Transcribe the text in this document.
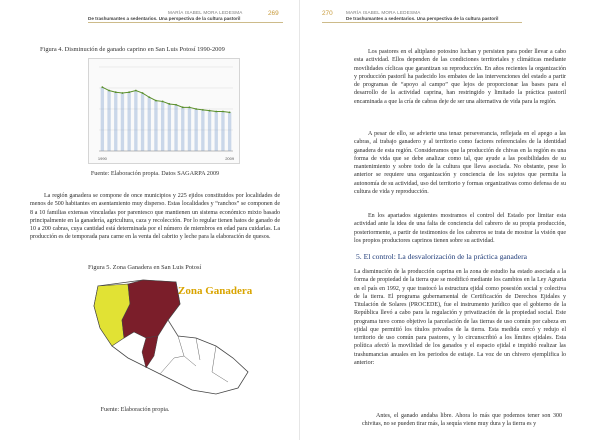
MARÍA ISABEL MORA LEDESMA
De trashumantes a sedentarios. Una perspectiva de la cultura pastoril
269
Figura 4. Disminución de ganado caprino en San Luis Potosí 1990-2009
1990	2009
Fuente: Elaboración propia. Datos SAGARPA 2009

La región ganadera se compone de once municipios y 225 ejidos constituidos por localidades de menos de 500 habitantes en asentamiento muy disperso. Estas localidades y “ranchos” se componen de 8 a 10 familias extensas vinculadas por parentesco que mantienen un sistema económico mixto basado principalmente en la ganadería, agricultura, caza y recolección. Por lo regular tienen hatos de ganado de 10 a 200 cabras, cuya cantidad está determinada por el número de miembros en edad para cuidarlas. La producción es de temporada para carne en la venta del cabrito y leche para la elaboración de quesos.

Figura 5. Zona Ganadera en San Luis Potosí
Zona Ganadera
Fuente: Elaboración propia.
270	MARÍA ISABEL MORA LEDESMA
De trashumantes a sedentarios. Una perspectiva de la cultura pastoril

Los pastores en el altiplano potosino luchan y persisten para poder llevar a cabo esta actividad. Ellos dependen de las condiciones territoriales y climáticas mediante movilidades cíclicas que garantizan su reproducción. En años recientes la organización y producción pastoril ha padecido los embates de las intervenciones del estado a partir de programas de “apoyo al campo” que lejos de proporcionar las bases para el desarrollo de la actividad caprina, han restringido y limitado la práctica pastoril encaminada a que la cría de cabras deje de ser una alternativa de vida para la región.

A pesar de ello, se advierte una tenaz perseverancia, reflejada en el apego a las cabras, al trabajo ganadero y al territorio como factores referenciales de la identidad ganadera de esta región. Consideramos que la producción de chivas en la región es una forma de vida que se debe analizar como tal, que ayude a las posibilidades de su mantenimiento y sobre todo de la cultura que lleva asociada. No obstante, pese lo anterior se requiere una organización y conciencia de los sujetos que permita la autonomía de su actividad, uso del territorio y formas organizativas como defensa de su cultura de vida y reproducción.

En los apartados siguientes mostramos el control del Estado por limitar esta actividad ante la idea de una falta de conciencia del cabrero de su propia producción, posteriormente, a partir de testimonios de los cabreros se trata de mostrar la visión que los propios productores caprinos tienen sobre su actividad.

5. El control: La desvalorización de la práctica ganadera

La disminución de la producción caprina en la zona de estudio ha estado asociada a la forma de propiedad de la tierra que se modificó mediante los cambios en la Ley Agraria en el país en 1992, y que trastocó la estructura ejidal como posesión social y colectiva de la tierra. El programa gubernamental de Certificación de Derechos Ejidales y Titulación de Solares (PROCEDE), fue el instrumento jurídico que el gobierno de la República llevó a cabo para la regulación y privatización de la propiedad social. Este programa tuvo como objetivo la parcelación de las tierras de uso común por cabeza en ejidal que permitió los títulos privados de la tierra. Esta medida cercó y redujo el territorio de uso común para pastores, y lo circunscribió a los límites ejidales. Esta política afectó la movilidad de los ganados y el espacio ejidal e impidió realizar las trashumancias anuales en los periodos de estiaje. La voz de un chivero ejemplifica lo anterior:

Antes, el ganado andaba libre. Ahora lo más que podemos tener son 300 chivitas, no se pueden tirar más, la sequía viene muy dura y la tierra es y
